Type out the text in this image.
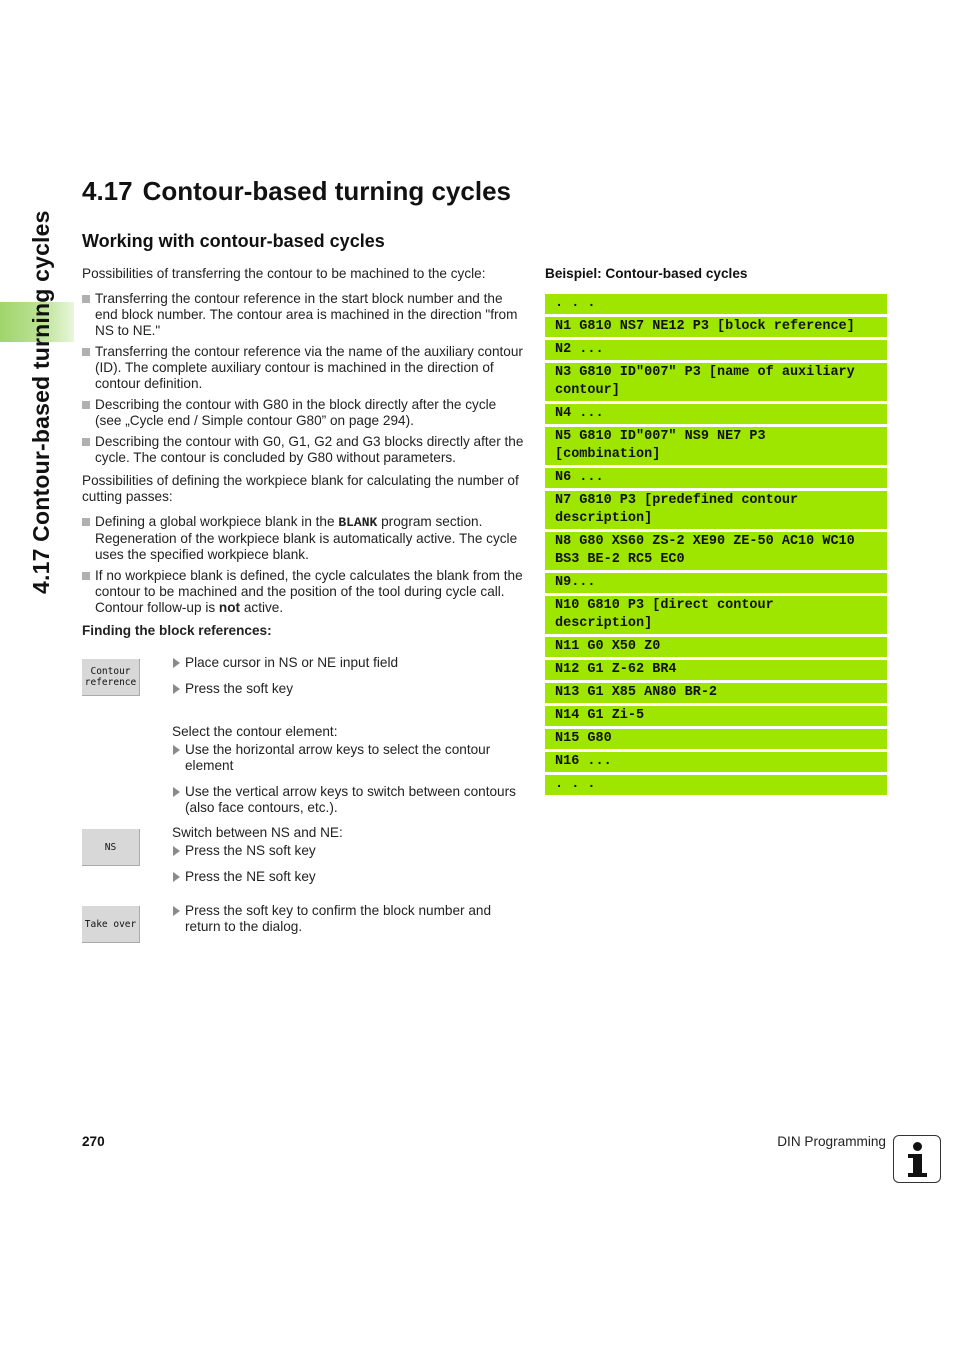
4.17 Contour-based turning cycles
4.17 Contour-based turning cycles
Working with contour-based cycles

Possibilities of transferring the contour to be machined to the cycle:

Transferring the contour reference in the start block number and the end block number. The contour area is machined in the direction "from NS to NE."
Transferring the contour reference via the name of the auxiliary contour (ID). The complete auxiliary contour is machined in the direction of contour definition.
Describing the contour with G80 in the block directly after the cycle (see „Cycle end / Simple contour G80” on page 294).
Describing the contour with G0, G1, G2 and G3 blocks directly after the cycle. The contour is concluded by G80 without parameters.

Possibilities of defining the workpiece blank for calculating the number of cutting passes:

Defining a global workpiece blank in the BLANK program section. Regeneration of the workpiece blank is automatically active. The cycle uses the specified workpiece blank.
If no workpiece blank is defined, the cycle calculates the blank from the contour to be machined and the position of the tool during cycle call. Contour follow-up is not active.

Finding the block references:

Contour
reference
NS
Take over
Place cursor in NS or NE input field
Press the soft key
Select the contour element:
Use the horizontal arrow keys to select the contour element
Use the vertical arrow keys to switch between contours (also face contours, etc.).
Switch between NS and NE:
Press the NS soft key
Press the NE soft key
Press the soft key to confirm the block number and return to the dialog.

Beispiel: Contour-based cycles

. . .
N1 G810 NS7 NE12 P3 [block reference]
N2 ...
N3 G810 ID"007" P3 [name of auxiliary contour]
N4 ...
N5 G810 ID"007" NS9 NE7 P3 [combination]
N6 ...
N7 G810 P3 [predefined contour description]
N8 G80 XS60 ZS-2 XE90 ZE-50 AC10 WC10 BS3 BE-2 RC5 EC0
N9...
N10 G810 P3 [direct contour description]
N11 G0 X50 Z0
N12 G1 Z-62 BR4
N13 G1 X85 AN80 BR-2
N14 G1 Zi-5
N15 G80
N16 ...
. . .
270	DIN Programming
